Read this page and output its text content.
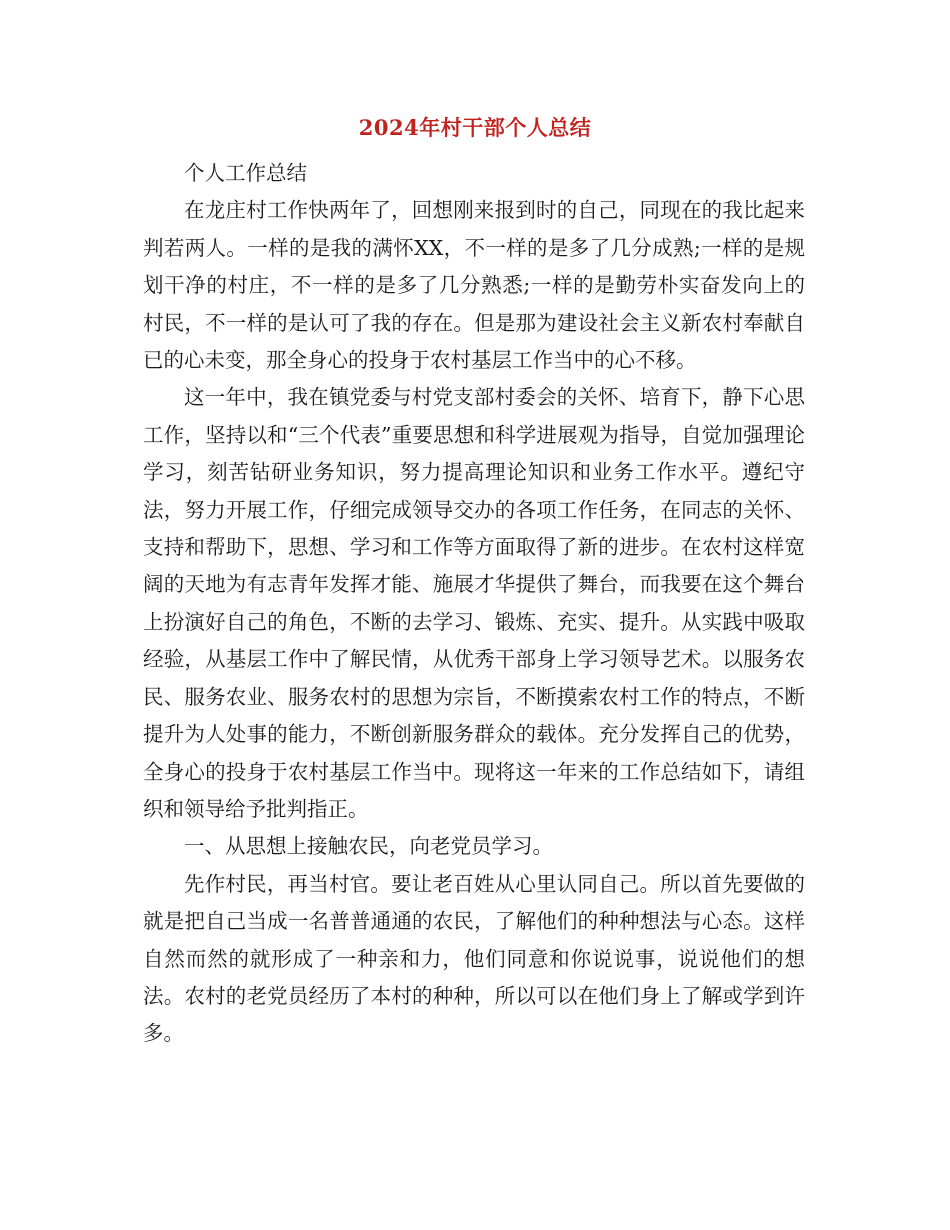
2024年村干部个人总结

个人工作总结

在龙庄村工作快两年了，回想刚来报到时的自己，同现在的我比起来判若两人。一样的是我的满怀XX，不一样的是多了几分成熟;一样的是规划干净的村庄，不一样的是多了几分熟悉;一样的是勤劳朴实奋发向上的村民，不一样的是认可了我的存在。但是那为建设社会主义新农村奉献自已的心未变，那全身心的投身于农村基层工作当中的心不移。

这一年中，我在镇党委与村党支部村委会的关怀、培育下，静下心思工作，坚持以和“三个代表”重要思想和科学进展观为指导，自觉加强理论学习，刻苦钻研业务知识，努力提高理论知识和业务工作水平。遵纪守法，努力开展工作，仔细完成领导交办的各项工作任务，在同志的关怀、支持和帮助下，思想、学习和工作等方面取得了新的进步。在农村这样宽阔的天地为有志青年发挥才能、施展才华提供了舞台，而我要在这个舞台上扮演好自己的角色，不断的去学习、锻炼、充实、提升。从实践中吸取经验，从基层工作中了解民情，从优秀干部身上学习领导艺术。以服务农民、服务农业、服务农村的思想为宗旨，不断摸索农村工作的特点，不断提升为人处事的能力，不断创新服务群众的载体。充分发挥自己的优势，全身心的投身于农村基层工作当中。现将这一年来的工作总结如下，请组织和领导给予批判指正。

一、从思想上接触农民，向老党员学习。

先作村民，再当村官。要让老百姓从心里认同自己。所以首先要做的就是把自己当成一名普普通通的农民，了解他们的种种想法与心态。这样自然而然的就形成了一种亲和力，他们同意和你说说事，说说他们的想法。农村的老党员经历了本村的种种，所以可以在他们身上了解或学到许多。
